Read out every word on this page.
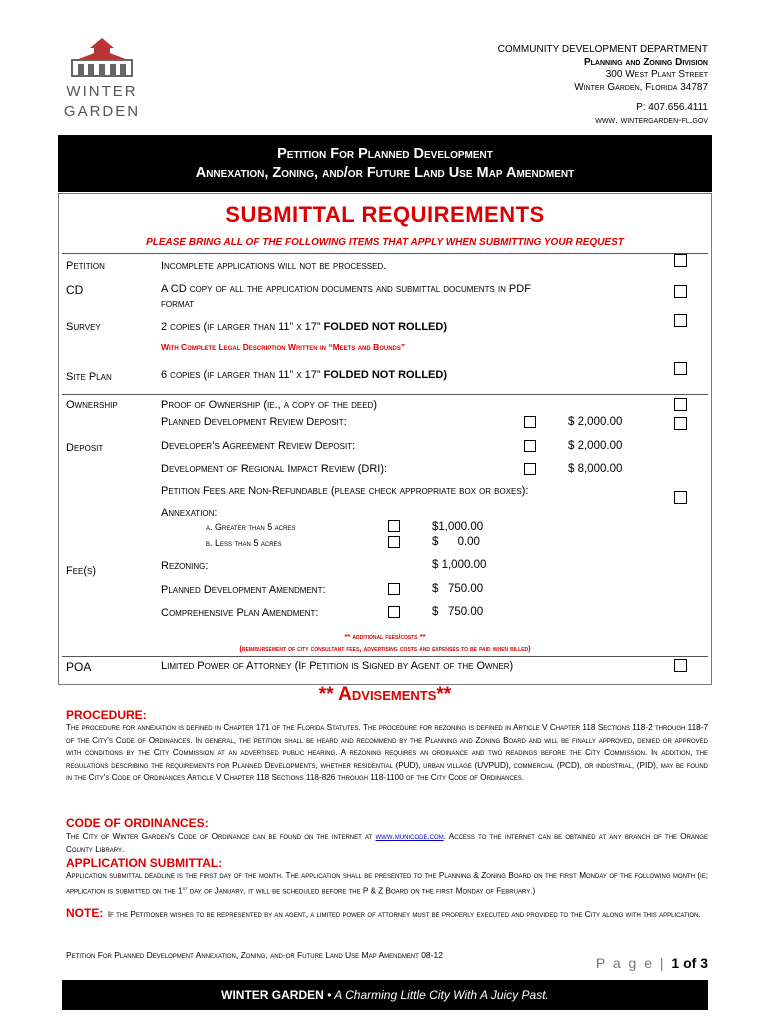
WINTER
GARDEN
COMMUNITY DEVELOPMENT DEPARTMENT
Planning and Zoning Division
300 West Plant Street
Winter Garden, Florida 34787
P: 407.656.4111
www. wintergarden-fl.gov
Petition For Planned Development
Annexation, Zoning, and/or Future Land Use Map Amendment
SUBMITTAL REQUIREMENTS
PLEASE BRING ALL OF THE FOLLOWING ITEMS THAT APPLY WHEN SUBMITTING YOUR REQUEST
Petition	Incomplete applications will not be processed.
CD	A CD copy of all the application documents and submittal documents in PDF
format
Survey	2 copies (if larger than 11” x 17” FOLDED NOT ROLLED)
With Complete Legal Description Written in “Meets and Bounds”
Site Plan	6 copies (if larger than 11” x 17” FOLDED NOT ROLLED)
Ownership	Proof of Ownership (ie., a copy of the deed)
Planned Development Review Deposit:	$ 2,000.00
Deposit	Developer’s Agreement Review Deposit:	$ 2,000.00
Development of Regional Impact Review (DRI):	$ 8,000.00
Petition Fees are Non-Refundable (please check appropriate box or boxes):
Annexation:
a. Greater than 5 acres	$1,000.00
b. Less than 5 acres	$      0.00
Fee(s)	Rezoning:	$ 1,000.00
Planned Development Amendment:	$   750.00
Comprehensive Plan Amendment:	$   750.00
** additional fees/costs **
(reimbursement of city consultant fees, advertising costs and expenses to be paid when billed)
POA	Limited Power of Attorney (If Petition is Signed by Agent of the Owner)
** Advisements**
PROCEDURE:
The procedure for annexation is defined in Chapter 171 of the Florida Statutes. The procedure for rezoning is defined in Article V Chapter 118 Sections 118-2 through 118-7 of the City's Code of Ordinances. In general, the petition shall be heard and recommend by the Planning and Zoning Board and will be finally approved, denied or approved with conditions by the City Commission at an advertised public hearing. A rezoning requires an ordinance and two readings before the City Commission. In addition, the regulations describing the requirements for Planned Developments, whether residential (PUD), urban village (UVPUD), commercial (PCD), or industrial, (PID), may be found in the City's Code of Ordinances Article V Chapter 118 Sections 118-826 through 118-1100 of the City Code of Ordinances.
CODE OF ORDINANCES:
The City of Winter Garden's Code of Ordinance can be found on the internet at www.municode.com. Access to the internet can be obtained at any branch of the Orange County Library.
APPLICATION SUBMITTAL:
Application submittal deadline is the first day of the month. The application shall be presented to the Planning & Zoning Board on the first Monday of the following month (ie; application is submitted on the 1st day of January, it will be scheduled before the P & Z Board on the first Monday of February.)
NOTE: If the Petitioner wishes to be represented by an agent, a limited power of attorney must be properly executed and provided to the City along with this application.
Petition For Planned Development Annexation, Zoning, and-or Future Land Use Map Amendment 08-12	P a g e | 1 of 3
WINTER GARDEN • A Charming Little City With A Juicy Past.
